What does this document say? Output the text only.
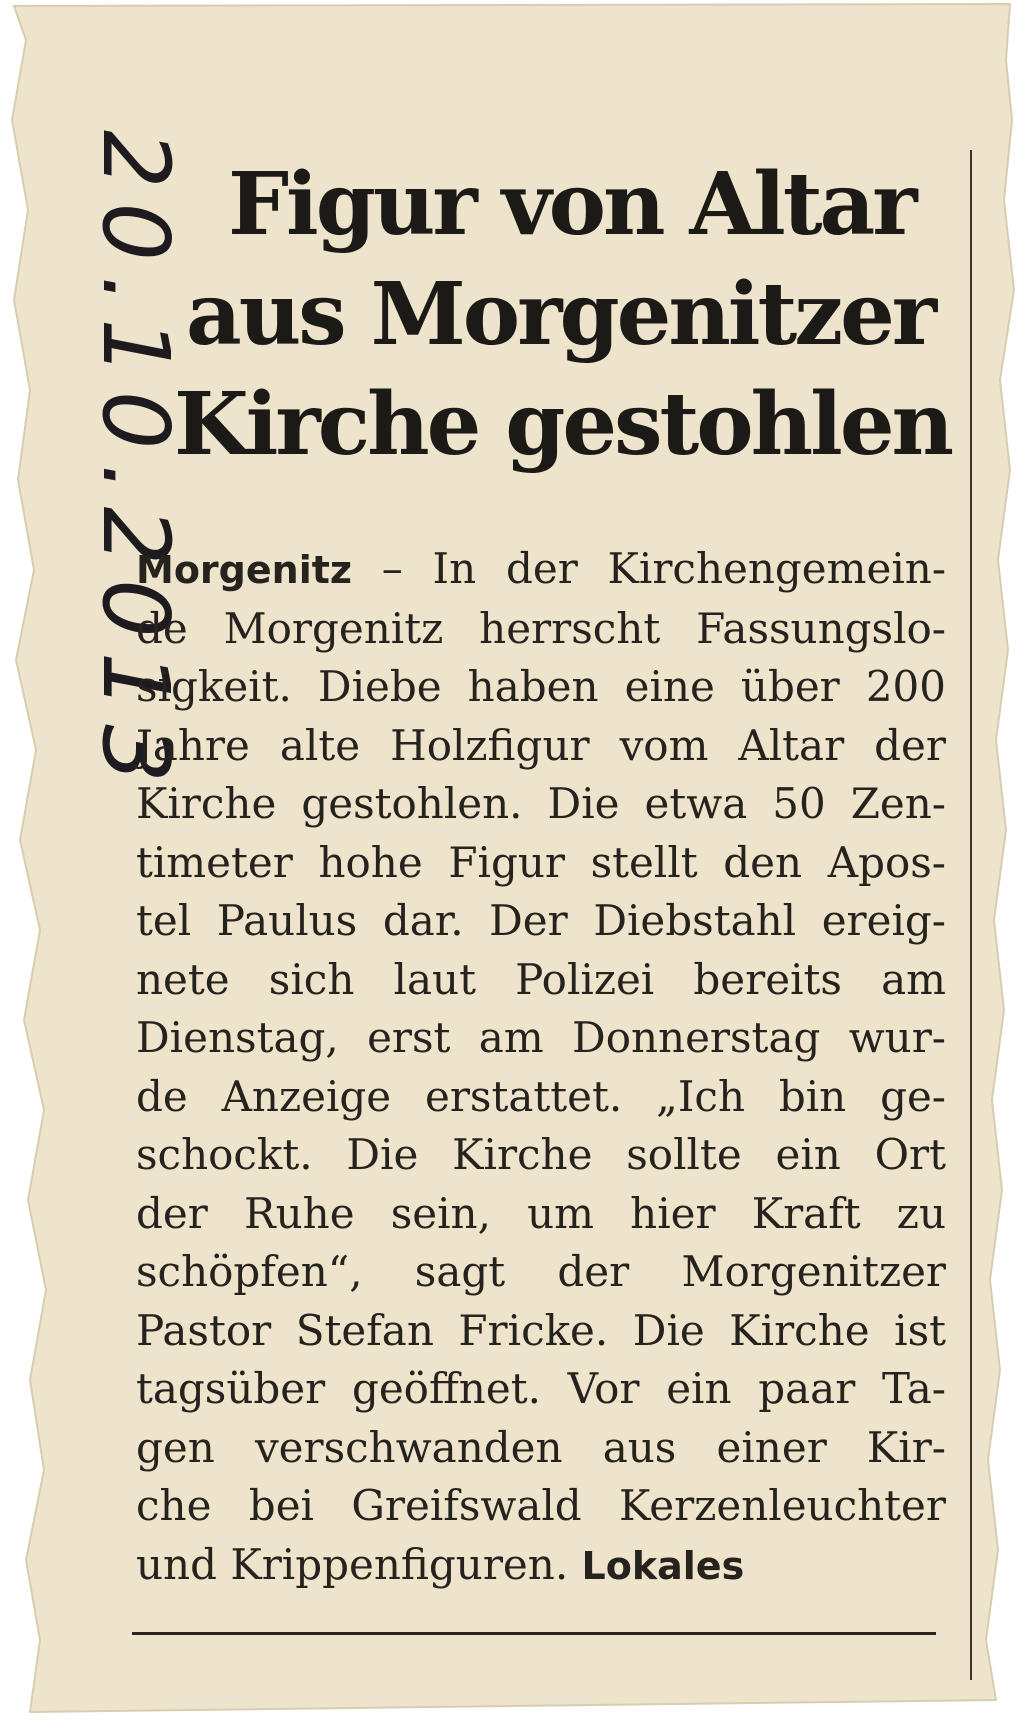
20.10.2013 Figur von Altar
aus Morgenitzer
Kirche gestohlen
Morgenitz – In der Kirchengemein-
de Morgenitz herrscht Fassungslo-
sigkeit. Diebe haben eine über 200
Jahre alte Holzfigur vom Altar der
Kirche gestohlen. Die etwa 50 Zen-
timeter hohe Figur stellt den Apos-
tel Paulus dar. Der Diebstahl ereig-
nete sich laut Polizei bereits am
Dienstag, erst am Donnerstag wur-
de Anzeige erstattet. „Ich bin ge-
schockt. Die Kirche sollte ein Ort
der Ruhe sein, um hier Kraft zu
schöpfen“, sagt der Morgenitzer
Pastor Stefan Fricke. Die Kirche ist
tagsüber geöffnet. Vor ein paar Ta-
gen verschwanden aus einer Kir-
che bei Greifswald Kerzenleuchter
und Krippenfiguren. Lokales
